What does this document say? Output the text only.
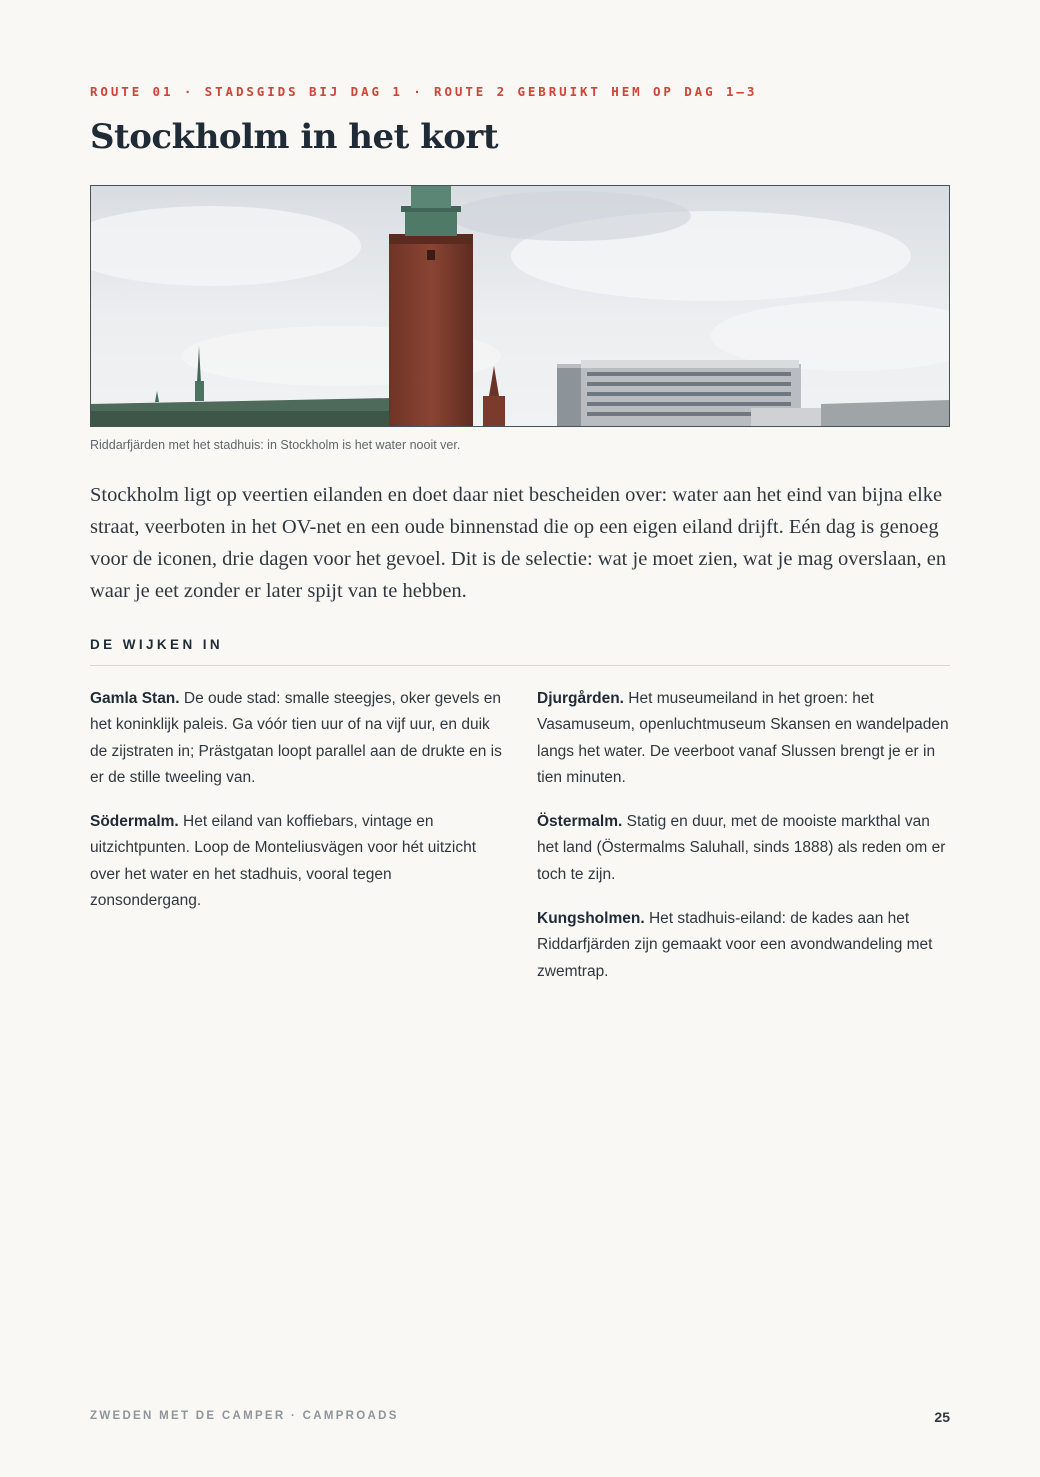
ROUTE 01 · STADSGIDS BIJ DAG 1 · ROUTE 2 GEBRUIKT HEM OP DAG 1–3
Stockholm in het kort
Riddarfjärden met het stadhuis: in Stockholm is het water nooit ver.

Stockholm ligt op veertien eilanden en doet daar niet bescheiden over: water aan het eind van bijna elke straat, veerboten in het OV-net en een oude binnenstad die op een eigen eiland drijft. Eén dag is genoeg voor de iconen, drie dagen voor het gevoel. Dit is de selectie: wat je moet zien, wat je mag overslaan, en waar je eet zonder er later spijt van te hebben.

DE WIJKEN IN

Gamla Stan. De oude stad: smalle steegjes, oker gevels en het koninklijk paleis. Ga vóór tien uur of na vijf uur, en duik de zijstraten in; Prästgatan loopt parallel aan de drukte en is er de stille tweeling van.

Södermalm. Het eiland van koffiebars, vintage en uitzichtpunten. Loop de Monteliusvägen voor hét uitzicht over het water en het stadhuis, vooral tegen zonsondergang.

Djurgården. Het museumeiland in het groen: het Vasamuseum, openluchtmuseum Skansen en wandelpaden langs het water. De veerboot vanaf Slussen brengt je er in tien minuten.

Östermalm. Statig en duur, met de mooiste markthal van het land (Östermalms Saluhall, sinds 1888) als reden om er toch te zijn.

Kungsholmen. Het stadhuis-eiland: de kades aan het Riddarfjärden zijn gemaakt voor een avondwandeling met zwemtrap.

ZWEDEN MET DE CAMPER · CAMPROADS	25
